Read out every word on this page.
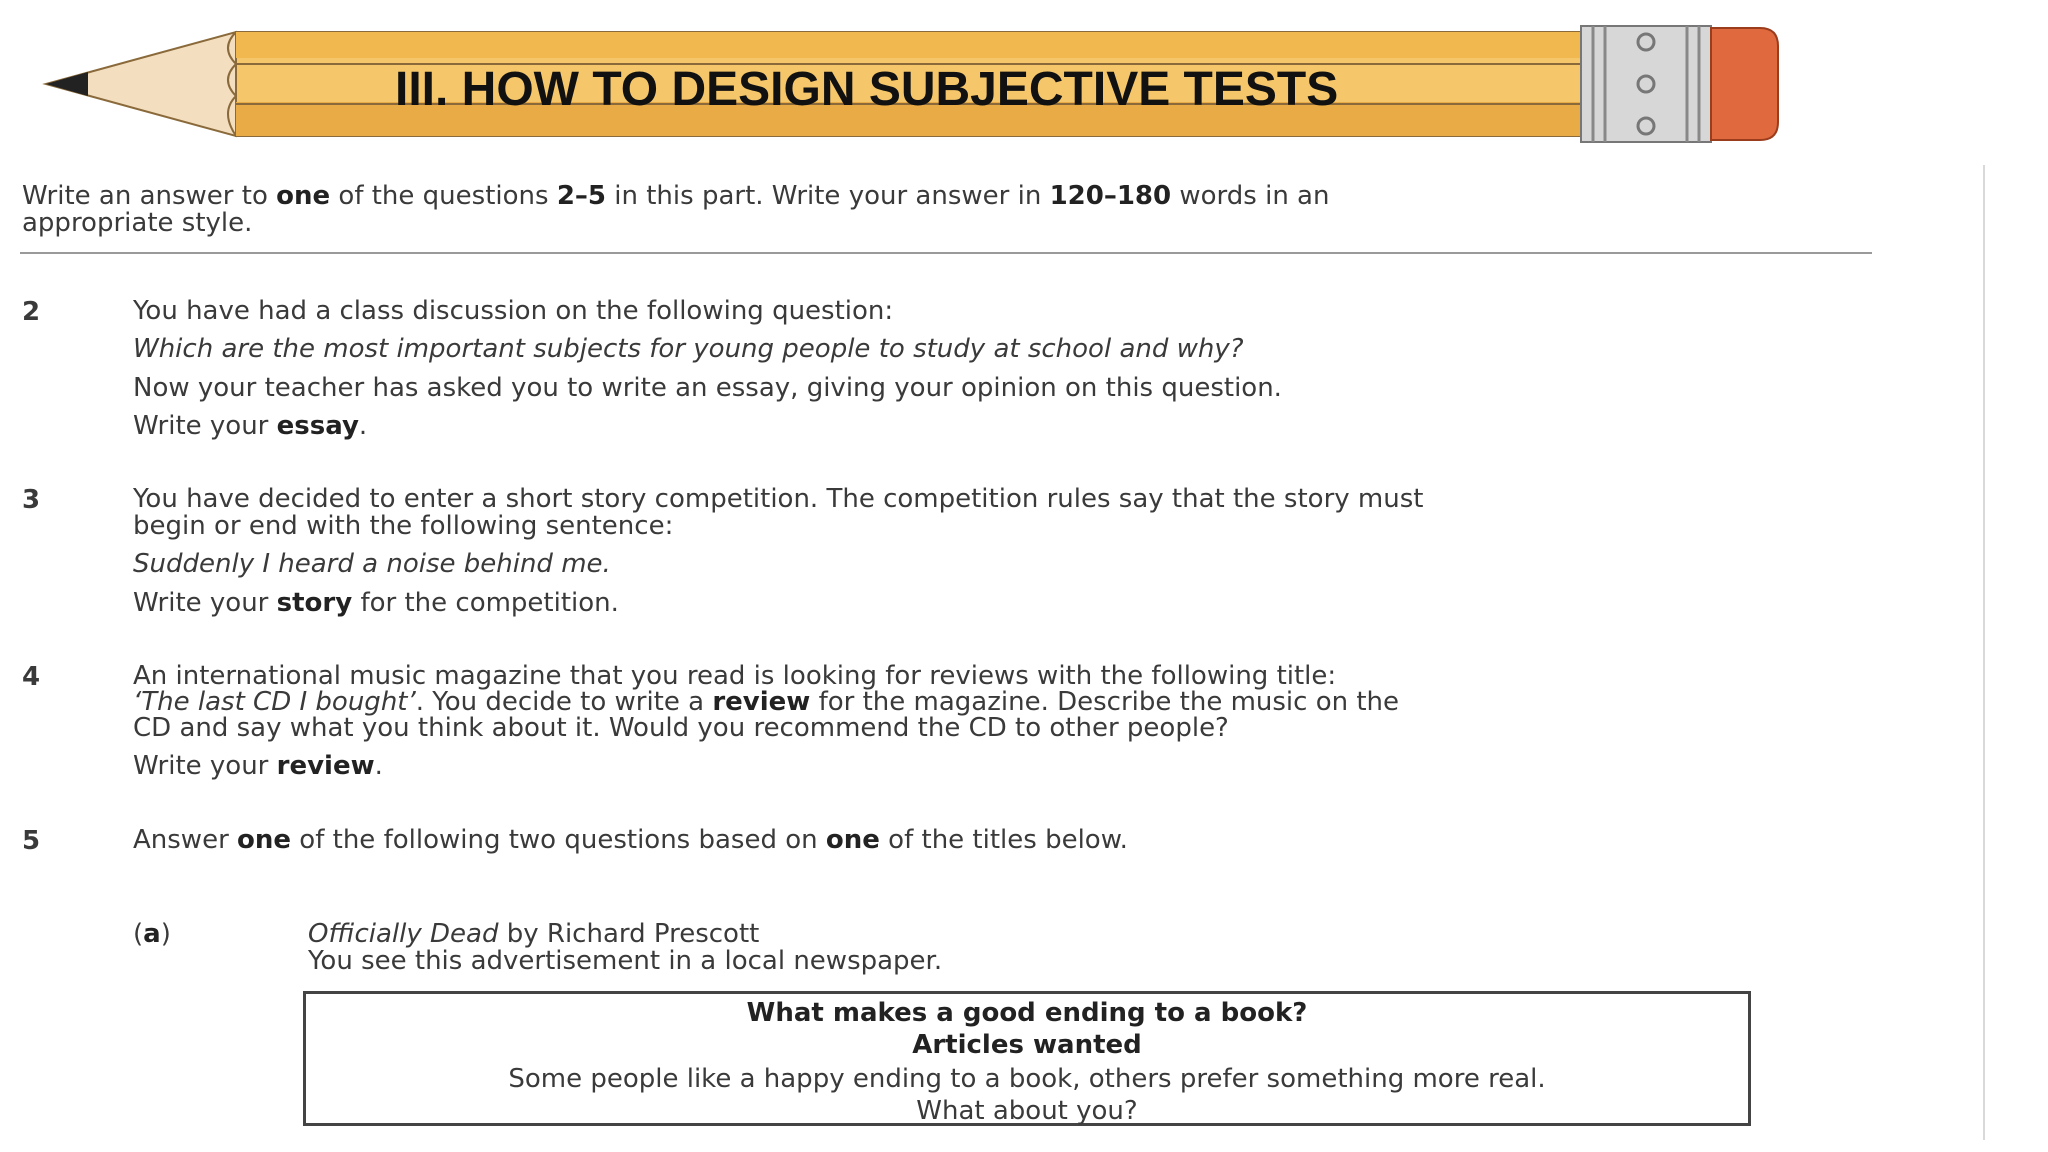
III. HOW TO DESIGN SUBJECTIVE TESTS
Write an answer to one of the questions 2–5 in this part. Write your answer in 120–180 words in an
appropriate style.
2	You have had a class discussion on the following question:
Which are the most important subjects for young people to study at school and why?
Now your teacher has asked you to write an essay, giving your opinion on this question.
Write your essay.
3	You have decided to enter a short story competition. The competition rules say that the story must
begin or end with the following sentence:
Suddenly I heard a noise behind me.
Write your story for the competition.
4	An international music magazine that you read is looking for reviews with the following title:
‘The last CD I bought’. You decide to write a review for the magazine. Describe the music on the
CD and say what you think about it. Would you recommend the CD to other people?
Write your review.
5	Answer one of the following two questions based on one of the titles below.
(a)	Officially Dead by Richard Prescott
You see this advertisement in a local newspaper.
What makes a good ending to a book?
Articles wanted
Some people like a happy ending to a book, others prefer something more real.
What about you?
